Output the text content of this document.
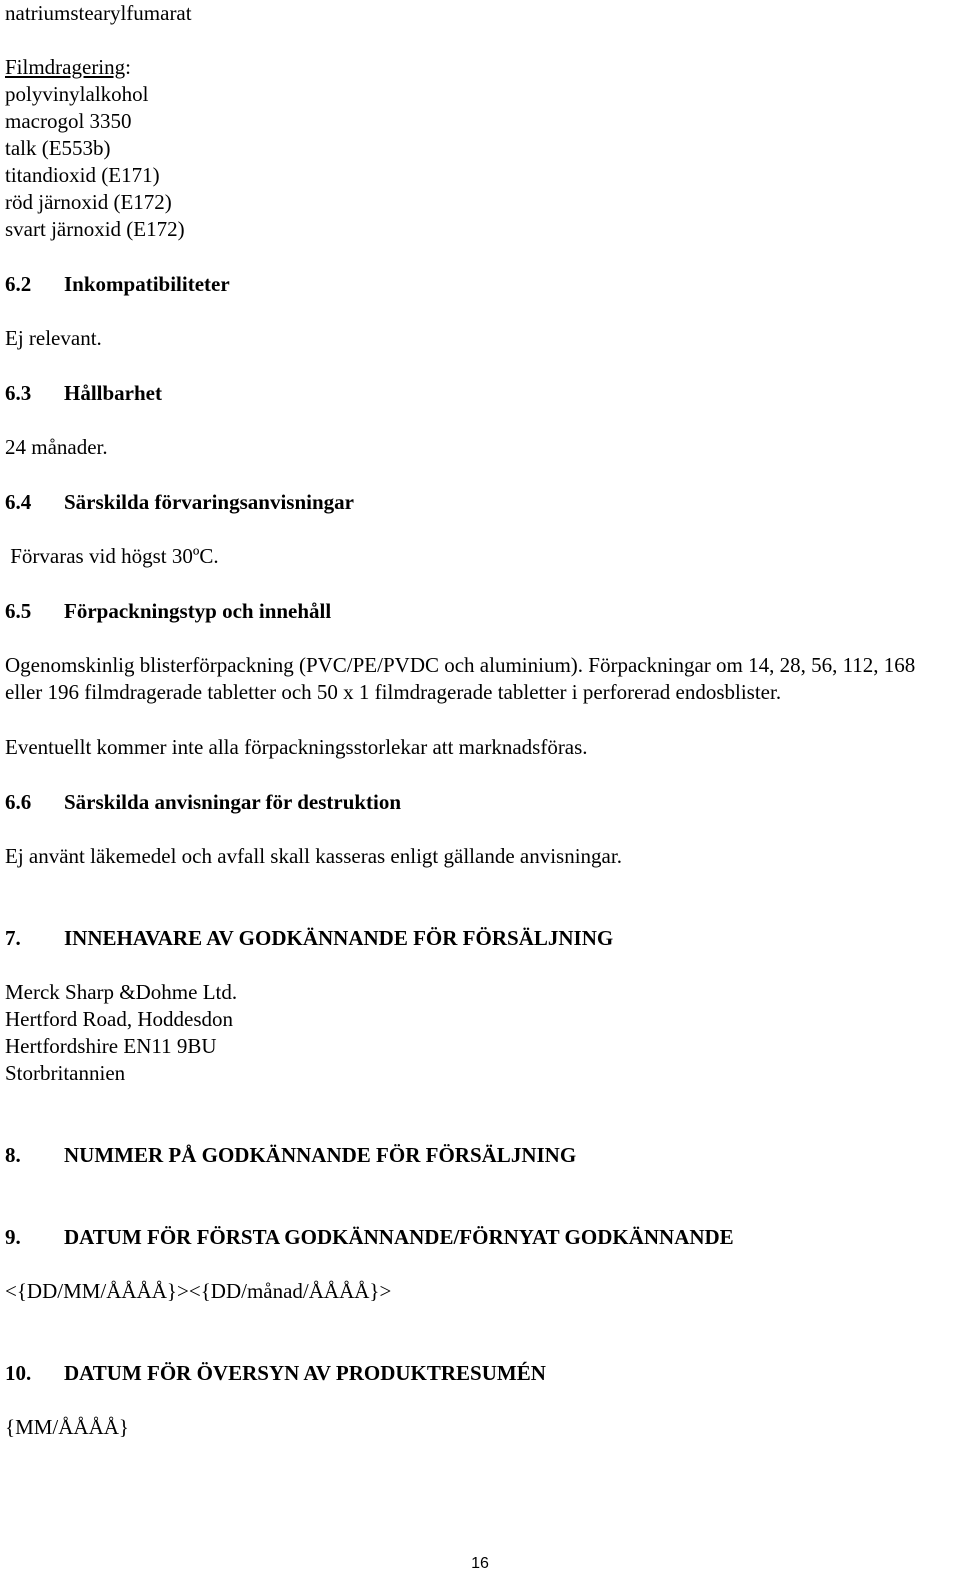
natriumstearylfumarat
Filmdragering:
polyvinylalkohol
macrogol 3350
talk (E553b)
titandioxid (E171)
röd järnoxid (E172)
svart järnoxid (E172)
6.2	Inkompatibiliteter
Ej relevant.
6.3	Hållbarhet
24 månader.
6.4	Särskilda förvaringsanvisningar
Förvaras vid högst 30ºC.
6.5	Förpackningstyp och innehåll
Ogenomskinlig blisterförpackning (PVC/PE/PVDC och aluminium). Förpackningar om 14, 28, 56, 112, 168 eller 196 filmdragerade tabletter och 50 x 1 filmdragerade tabletter i perforerad endosblister.
Eventuellt kommer inte alla förpackningsstorlekar att marknadsföras.
6.6	Särskilda anvisningar för destruktion
Ej använt läkemedel och avfall skall kasseras enligt gällande anvisningar.
7.	INNEHAVARE AV GODKÄNNANDE FÖR FÖRSÄLJNING
Merck Sharp &Dohme Ltd.
Hertford Road, Hoddesdon
Hertfordshire EN11 9BU
Storbritannien
8.	NUMMER PÅ GODKÄNNANDE FÖR FÖRSÄLJNING
9.	DATUM FÖR FÖRSTA GODKÄNNANDE/FÖRNYAT GODKÄNNANDE
<{DD/MM/ÅÅÅÅ}><{DD/månad/ÅÅÅÅ}>
10.	DATUM FÖR ÖVERSYN AV PRODUKTRESUMÉN
{MM/ÅÅÅÅ}
16
